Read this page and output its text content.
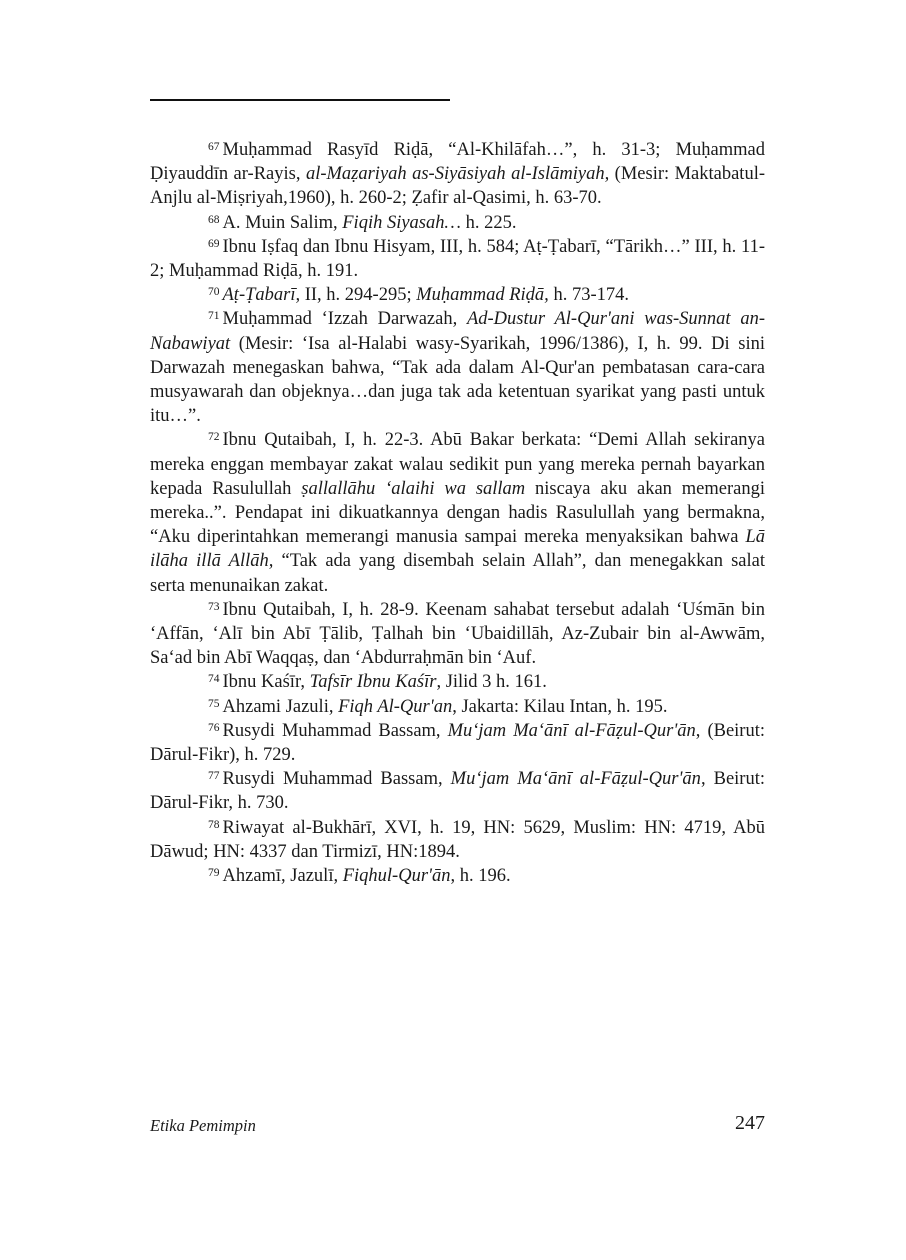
$^{67}$ Muḥammad Rasyīd Riḍā, “Al-Khilāfah…”, h. 31-3; Muḥammad Ḍiyauddīn ar-Rayis, al-Maẓariyah as-Siyāsiyah al-Islāmiyah, (Mesir: Maktabatul-Anjlu al-Miṣriyah,1960), h. 260-2; Ẓafir al-Qasimi, h. 63-70.

$^{68}$ A. Muin Salim, Fiqih Siyasah… h. 225.

$^{69}$ Ibnu Iṣfaq dan Ibnu Hisyam, III, h. 584; Aṭ-Ṭabarī, “Tārikh…” III, h. 11-2; Muḥammad Riḍā, h. 191.

$^{70}$ Aṭ-Ṭabarī, II, h. 294-295; Muḥammad Riḍā, h. 73-174.

$^{71}$ Muḥammad ‘Izzah Darwazah, Ad-Dustur Al-Qur'ani was-Sunnat an-Nabawiyat (Mesir: ‘Isa al-Halabi wasy-Syarikah, 1996/1386), I, h. 99. Di sini Darwazah menegaskan bahwa, “Tak ada dalam Al-Qur'an pembatasan cara-cara musyawarah dan objeknya…dan juga tak ada ketentuan syarikat yang pasti untuk itu…”.

$^{72}$ Ibnu Qutaibah, I, h. 22-3. Abū Bakar berkata: “Demi Allah sekiranya mereka enggan membayar zakat walau sedikit pun yang mereka pernah bayarkan kepada Rasulullah ṣallallāhu ‘alaihi wa sallam niscaya aku akan memerangi mereka..”. Pendapat ini dikuatkannya dengan hadis Rasulullah yang bermakna, “Aku diperintahkan memerangi manusia sampai mereka menyaksikan bahwa Lā ilāha illā Allāh, “Tak ada yang disembah selain Allah”, dan menegakkan salat serta menunaikan zakat.

$^{73}$ Ibnu Qutaibah, I, h. 28-9. Keenam sahabat tersebut adalah ‘Uśmān bin ‘Affān, ‘Alī bin Abī Ṭālib, Ṭalhah bin ‘Ubaidillāh, Az-Zubair bin al-Awwām, Sa‘ad bin Abī Waqqaṣ, dan ‘Abdurraḥmān bin ‘Auf.

$^{74}$ Ibnu Kaśīr, Tafsīr Ibnu Kaśīr, Jilid 3 h. 161.

$^{75}$ Ahzami Jazuli, Fiqh Al-Qur'an, Jakarta: Kilau Intan, h. 195.

$^{76}$ Rusydi Muhammad Bassam, Mu‘jam Ma‘ānī al-Fāẓul-Qur'ān, (Beirut: Dārul-Fikr), h. 729.

$^{77}$ Rusydi Muhammad Bassam, Mu‘jam Ma‘ānī al-Fāẓul-Qur'ān, Beirut: Dārul-Fikr, h. 730.

$^{78}$ Riwayat al-Bukhārī, XVI, h. 19, HN: 5629, Muslim: HN: 4719, Abū Dāwud; HN: 4337 dan Tirmizī, HN:1894.

$^{79}$ Ahzamī, Jazulī, Fiqhul-Qur'ān, h. 196.

Etika Pemimpin	247
